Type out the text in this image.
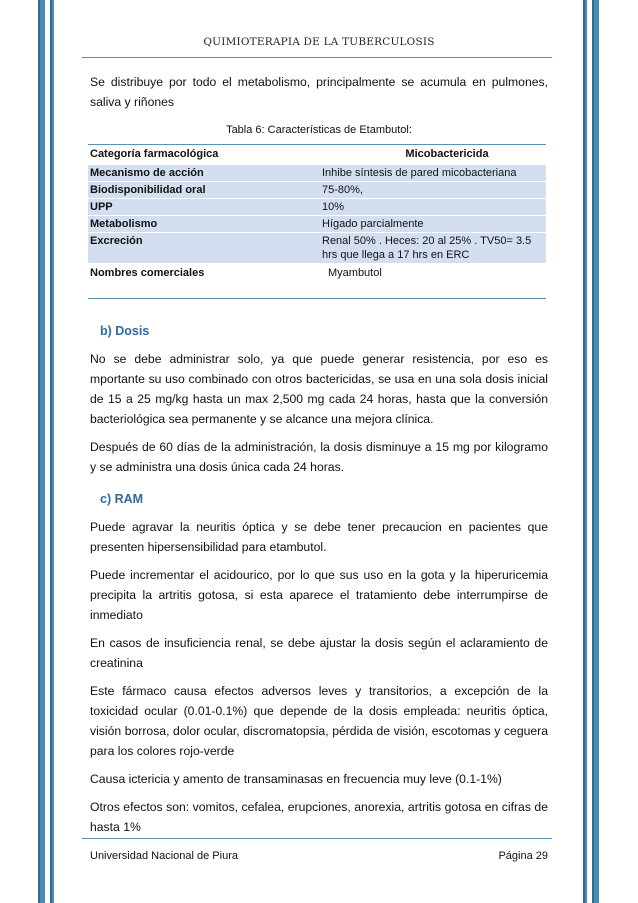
QUIMIOTERAPIA DE LA TUBERCULOSIS

Se distribuye por todo el metabolismo, principalmente se acumula en pulmones, saliva y riñones

Tabla 6: Características de Etambutol:
Categoría farmacológica	Micobactericida
Mecanismo de acción	Inhibe síntesis de pared micobacteriana
Biodisponibilidad oral	75-80%,
UPP	10%
Metabolismo	Hígado parcialmente
Excreción	Renal 50% . Heces: 20 al 25% . TV50= 3.5 hrs que llega a 17 hrs en ERC
Nombres comerciales	Myambutol
b) Dosis

No se debe administrar solo, ya que puede generar resistencia, por eso es mportante su uso combinado con otros bactericidas, se usa en una sola dosis inicial de 15 a 25 mg/kg hasta un max 2,500 mg cada 24 horas, hasta que la conversión bacteriológica sea permanente y se alcance una mejora clínica.

Después de 60 días de la administración, la dosis disminuye a 15 mg por kilogramo y se administra una dosis única cada 24 horas.

c) RAM

Puede agravar la neuritis óptica y se debe tener precaucion en pacientes que presenten hipersensibilidad para etambutol.

Puede incrementar el acidourico, por lo que sus uso en la gota y la hiperuricemia precipita la artritis gotosa, si esta aparece el tratamiento debe interrumpirse de inmediato

En casos de insuficiencia renal, se debe ajustar la dosis según el aclaramiento de creatinina

Este fármaco causa efectos adversos leves y transitorios, a excepción de la toxicidad ocular (0.01-0.1%) que depende de la dosis empleada: neuritis óptica, visión borrosa, dolor ocular, discromatopsia, pérdida de visión, escotomas y ceguera para los colores rojo-verde

Causa ictericia y amento de transaminasas en frecuencia muy leve (0.1-1%)

Otros efectos son: vomitos, cefalea, erupciones, anorexia, artritis gotosa en cifras de hasta 1%

Universidad Nacional de Piura	Página 29
